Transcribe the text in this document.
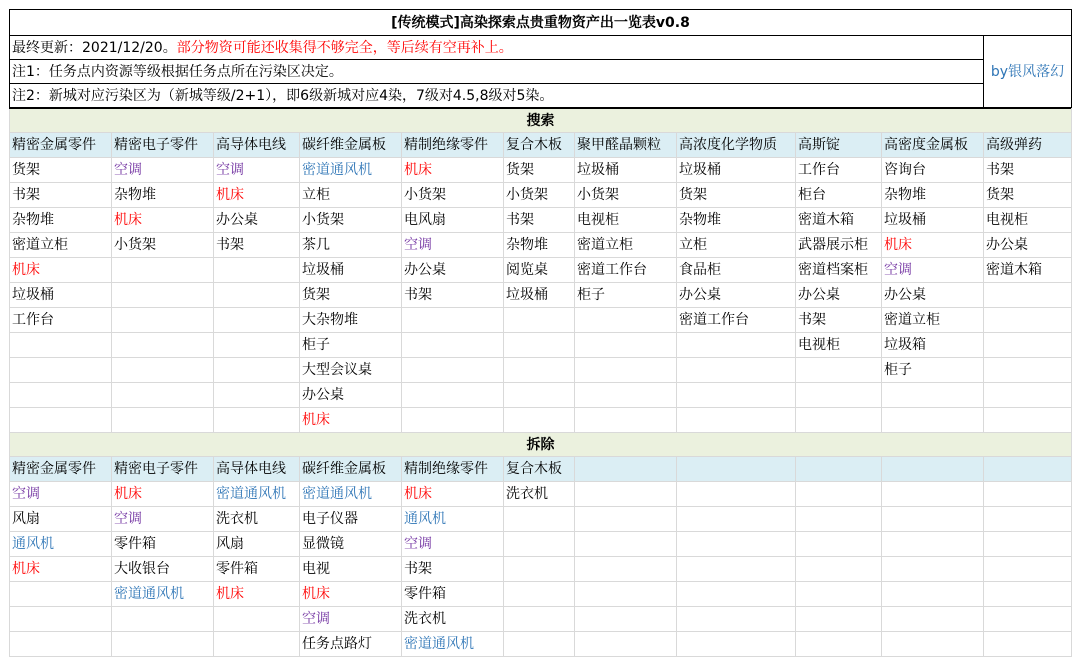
[传统模式]高染探索点贵重物资产出一览表v0.8
最终更新：2021/12/20。部分物资可能还收集得不够完全，等后续有空再补上。	by银风落幻
注1：任务点内资源等级根据任务点所在污染区决定。
注2：新城对应污染区为（新城等级/2+1），即6级新城对应4染，7级对4.5,8级对5染。
搜索										
精密金属零件	精密电子零件	高导体电线	碳纤维金属板	精制绝缘零件	复合木板	聚甲醛晶颗粒	高浓度化学物质	高斯锭	高密度金属板	高级弹药
货架	空调	空调	密道通风机	机床	货架	垃圾桶	垃圾桶	工作台	咨询台	书架
书架	杂物堆	机床	立柜	小货架	小货架	小货架	货架	柜台	杂物堆	货架
杂物堆	机床	办公桌	小货架	电风扇	书架	电视柜	杂物堆	密道木箱	垃圾桶	电视柜
密道立柜	小货架	书架	茶几	空调	杂物堆	密道立柜	立柜	武器展示柜	机床	办公桌
机床			垃圾桶	办公桌	阅览桌	密道工作台	食品柜	密道档案柜	空调	密道木箱
垃圾桶			货架	书架	垃圾桶	柜子	办公桌	办公桌	办公桌	
工作台			大杂物堆				密道工作台	书架	密道立柜	
			柜子					电视柜	垃圾箱	
			大型会议桌						柜子	
			办公桌							
			机床							
拆除										
精密金属零件	精密电子零件	高导体电线	碳纤维金属板	精制绝缘零件	复合木板					
空调	机床	密道通风机	密道通风机	机床	洗衣机					
风扇	空调	洗衣机	电子仪器	通风机						
通风机	零件箱	风扇	显微镜	空调						
机床	大收银台	零件箱	电视	书架						
	密道通风机	机床	机床	零件箱						
			空调	洗衣机						
			任务点路灯	密道通风机						
